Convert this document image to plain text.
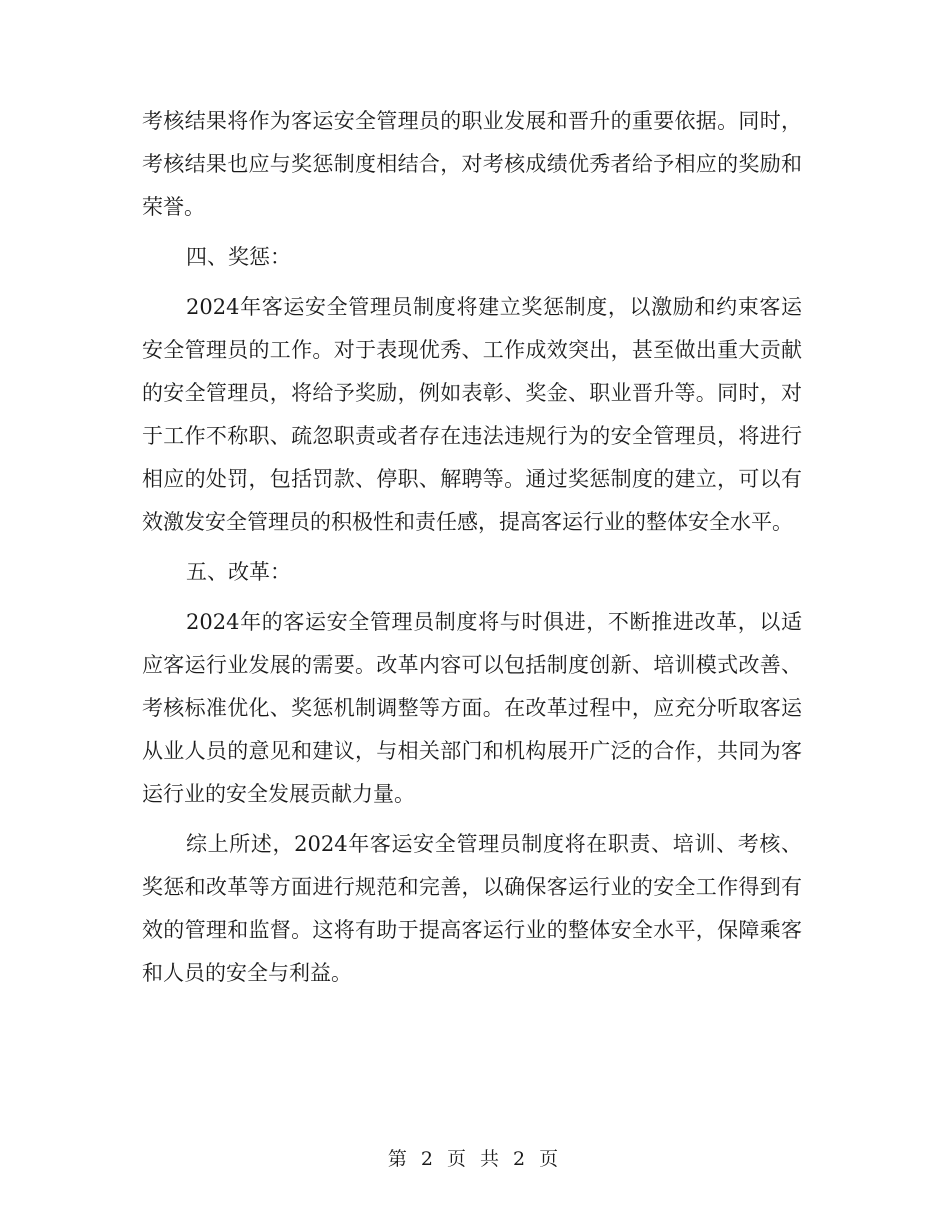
考核结果将作为客运安全管理员的职业发展和晋升的重要依据。同时，考核结果也应与奖惩制度相结合，对考核成绩优秀者给予相应的奖励和荣誉。

四、奖惩：

2024年客运安全管理员制度将建立奖惩制度，以激励和约束客运安全管理员的工作。对于表现优秀、工作成效突出，甚至做出重大贡献的安全管理员，将给予奖励，例如表彰、奖金、职业晋升等。同时，对于工作不称职、疏忽职责或者存在违法违规行为的安全管理员，将进行相应的处罚，包括罚款、停职、解聘等。通过奖惩制度的建立，可以有效激发安全管理员的积极性和责任感，提高客运行业的整体安全水平。

五、改革：

2024年的客运安全管理员制度将与时俱进，不断推进改革，以适应客运行业发展的需要。改革内容可以包括制度创新、培训模式改善、考核标准优化、奖惩机制调整等方面。在改革过程中，应充分听取客运从业人员的意见和建议，与相关部门和机构展开广泛的合作，共同为客运行业的安全发展贡献力量。

综上所述，2024年客运安全管理员制度将在职责、培训、考核、奖惩和改革等方面进行规范和完善，以确保客运行业的安全工作得到有效的管理和监督。这将有助于提高客运行业的整体安全水平，保障乘客和人员的安全与利益。

第 2 页 共 2 页
